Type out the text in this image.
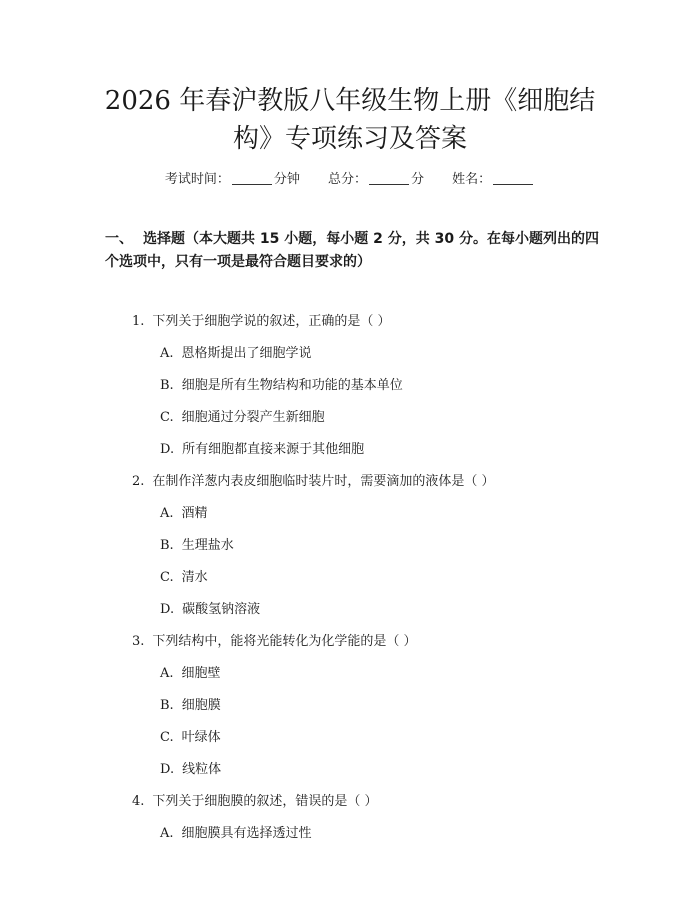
2026 年春沪教版八年级生物上册《细胞结构》专项练习及答案
考试时间：	分钟 总分：	分 姓名：
一、 选择题（本大题共 15 小题，每小题 2 分，共 30 分。在每小题列出的四个选项中，只有一项是最符合题目要求的）
1. 下列关于细胞学说的叙述，正确的是（ ）
A. 恩格斯提出了细胞学说
B. 细胞是所有生物结构和功能的基本单位
C. 细胞通过分裂产生新细胞
D. 所有细胞都直接来源于其他细胞
2. 在制作洋葱内表皮细胞临时装片时，需要滴加的液体是（ ）
A. 酒精
B. 生理盐水
C. 清水
D. 碳酸氢钠溶液
3. 下列结构中，能将光能转化为化学能的是（ ）
A. 细胞壁
B. 细胞膜
C. 叶绿体
D. 线粒体
4. 下列关于细胞膜的叙述，错误的是（ ）
A. 细胞膜具有选择透过性
